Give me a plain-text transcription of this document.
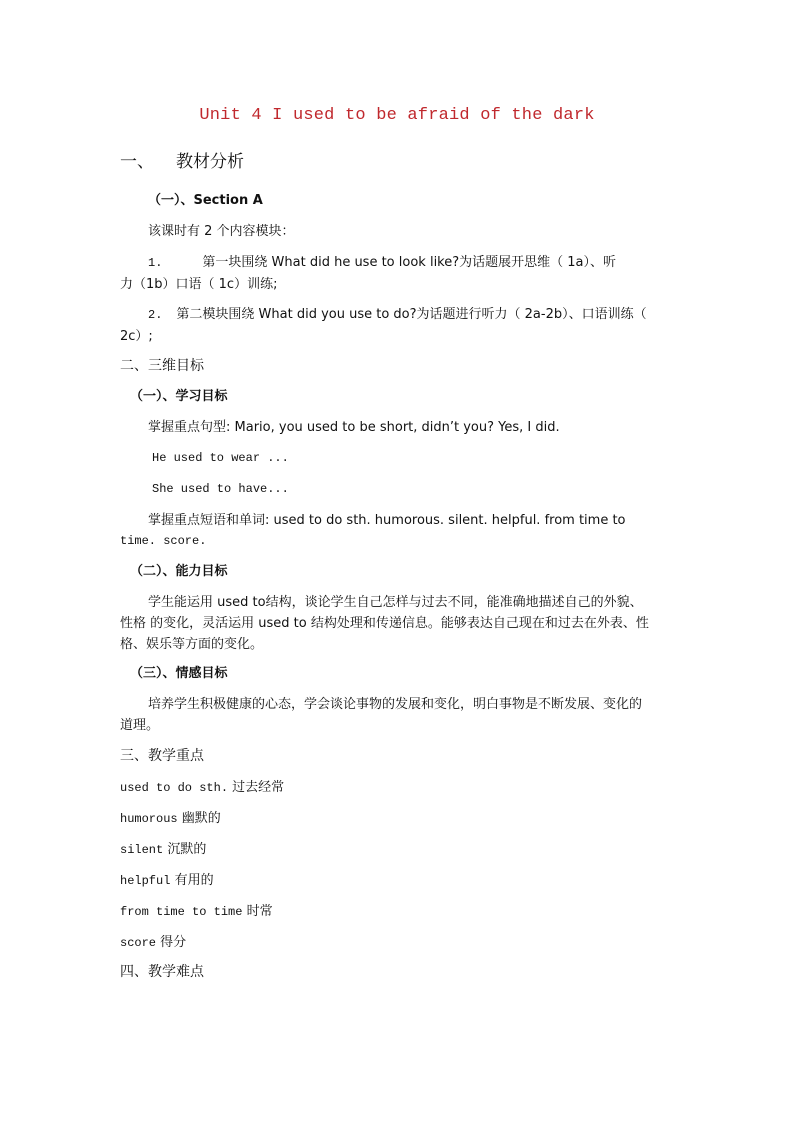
Unit 4 I used to be afraid of the dark
一、 教材分析
（一）、Section A
该课时有 2 个内容模块：
1.	第一块围绕 What did he use to look like?为话题展开思维（ 1a）、听
力（1b）口语（ 1c）训练;
2. 第二模块围绕 What did you use to do?为话题进行听力（ 2a-2b）、口语训练（
2c）;
二、三维目标
（一）、学习目标
掌握重点句型: Mario, you used to be short, didn’t you? Yes, I did.
He used to wear ...
She used to have...
掌握重点短语和单词: used to do sth. humorous. silent. helpful. from time to
time. score.
（二）、能力目标
学生能运用 used to结构，谈论学生自己怎样与过去不同，能准确地描述自己的外貌、
性格 的变化，灵活运用 used to 结构处理和传递信息。能够表达自己现在和过去在外表、性
格、娱乐等方面的变化。
（三）、情感目标
培养学生积极健康的心态，学会谈论事物的发展和变化，明白事物是不断发展、变化的
道理。
三、教学重点
used to do sth. 过去经常
humorous 幽默的
silent 沉默的
helpful 有用的
from time to time 时常
score 得分
四、教学难点
